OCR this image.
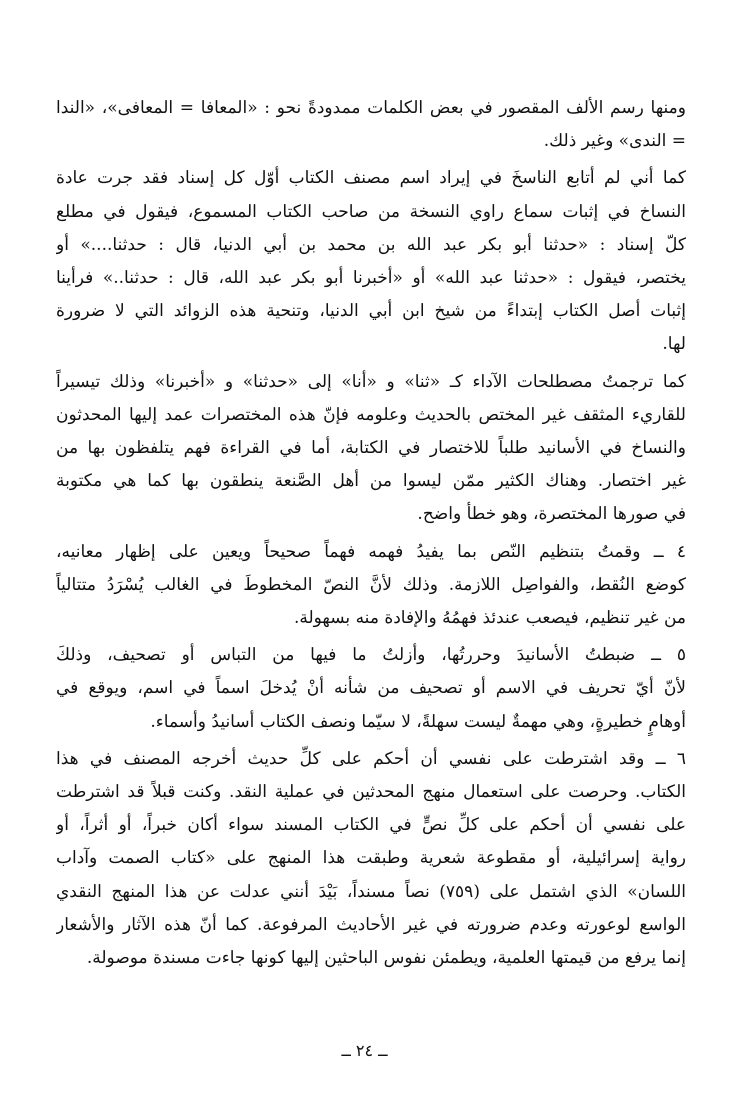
ومنها رسم الألف المقصور في بعض الكلمات ممدودةً نحو : «المعافا = المعافى»، «الندا
= الندى» وغير ذلك.

كما أني لم أتابع الناسخَ في إيراد اسم مصنف الكتاب أوّل كل إسناد فقد جرت عادة
النساخ في إثبات سماع راوي النسخة من صاحب الكتاب المسموع، فيقول في مطلع
كلّ إسناد : «حدثنا أبو بكر عبد الله بن محمد بن أبي الدنيا، قال : حدثنا....» أو
يختصر، فيقول : «حدثنا عبد الله» أو «أخبرنا أبو بكر عبد الله، قال : حدثنا..» فرأينا
إثبات أصل الكتاب إبتداءً من شيخ ابن أبي الدنيا، وتنحية هذه الزوائد التي لا ضرورة
لها.

كما ترجمتُ مصطلحات الآداء كـ «ثنا» و «أنا» إلى «حدثنا» و «أخبرنا» وذلك تيسيراً
للقاريء المثقف غير المختص بالحديث وعلومه فإنّ هذه المختصرات عمد إليها المحدثون
والنساخ في الأسانيد طلباً للاختصار في الكتابة، أما في القراءة فهم يتلفظون بها من
غير اختصار. وهناك الكثير ممّن ليسوا من أهل الصَّنعة ينطقون بها كما هي مكتوبة
في صورها المختصرة، وهو خطأ واضح.

٤ ــ وقمتُ بتنظيم النّص بما يفيدُ فهمه فهماً صحيحاً ويعين على إظهار معانيه،
كوضع النُقط، والفواصِل اللازمة. وذلك لأنَّ النصّ المخطوطَ في الغالب يُسْرَدُ متتالياً
من غير تنظيم، فيصعب عندئذ فهمُهُ والإفادة منه بسهولة.

٥ ــ ضبطتُ الأسانيدَ وحررتُها، وأزلتُ ما فيها من التباس أو تصحيف، وذلكَ
لأنّ أيّ تحريف في الاسم أو تصحيف من شأنه أنْ يُدخلَ اسماً في اسم، ويوقع في
أوهامٍ خطيرةٍ، وهي مهمةٌ ليست سهلةً، لا سيّما ونصف الكتاب أسانيدُ وأسماء.

٦ ــ وقد اشترطت على نفسي أن أحكم على كلِّ حديث أخرجه المصنف في هذا
الكتاب. وحرصت على استعمال منهج المحدثين في عملية النقد. وكنت قبلاً قد اشترطت
على نفسي أن أحكم على كلِّ نصٍّ في الكتاب المسند سواء أكان خبراً، أو أثراً، أو
رواية إسرائيلية، أو مقطوعة شعرية وطبقت هذا المنهج على «كتاب الصمت وآداب
اللسان» الذي اشتمل على (٧٥٩) نصاً مسنداً، بَيْدَ أنني عدلت عن هذا المنهج النقدي
الواسع لوعورته وعدم ضرورته في غير الأحاديث المرفوعة. كما أنّ هذه الآثار والأشعار
إنما يرفع من قيمتها العلمية، ويطمئن نفوس الباحثين إليها كونها جاءت مسندة موصولة.

ــ ٢٤ ــ
